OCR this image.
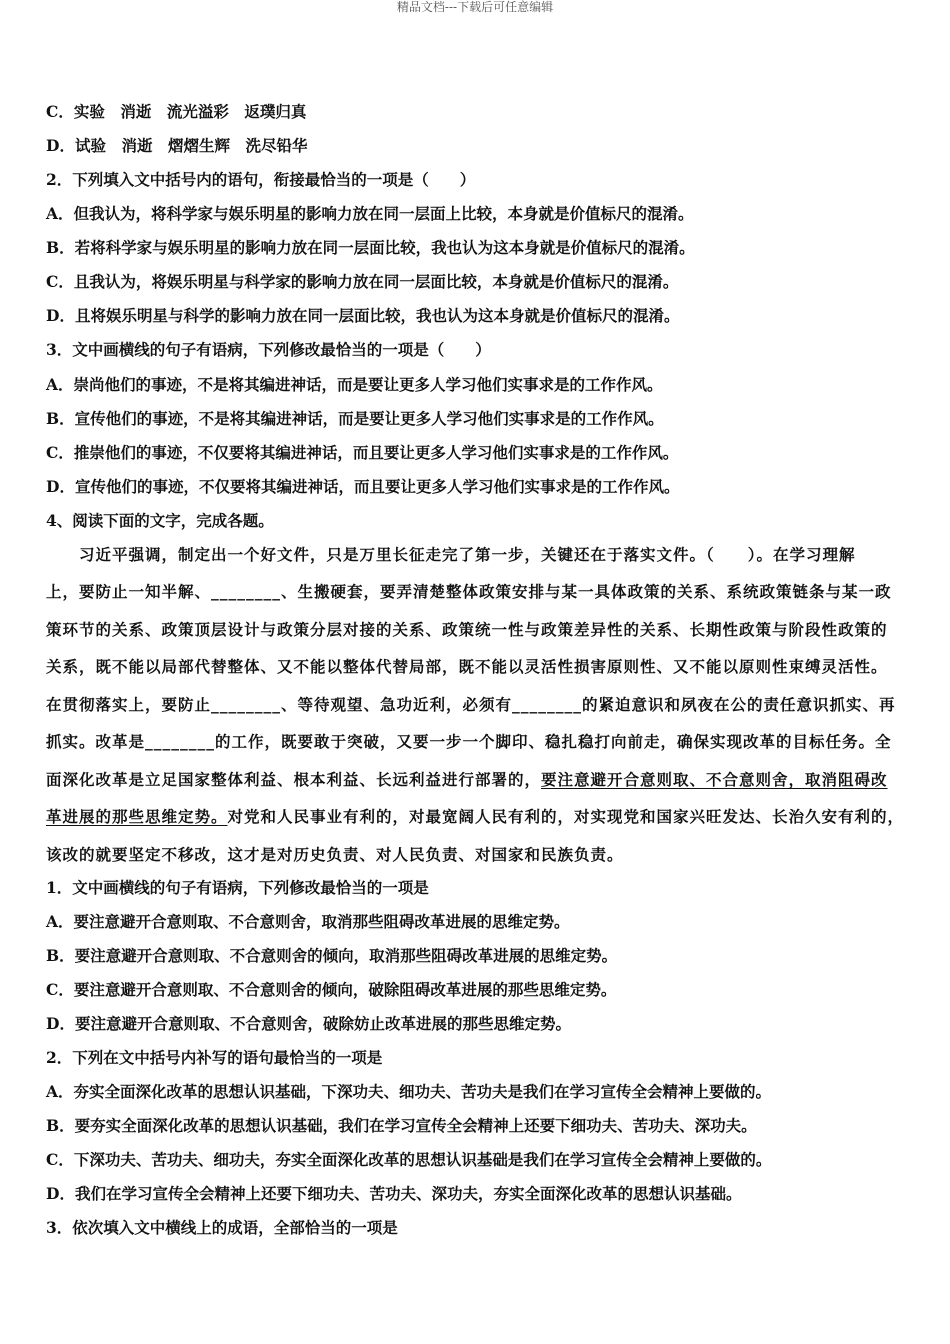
精品文档---下载后可任意编辑
C．实验　消逝　流光溢彩　返璞归真
D．试验　消逝　熠熠生辉　洗尽铅华
2．下列填入文中括号内的语句，衔接最恰当的一项是（　　）
A．但我认为，将科学家与娱乐明星的影响力放在同一层面上比较，本身就是价值标尺的混淆。
B．若将科学家与娱乐明星的影响力放在同一层面比较，我也认为这本身就是价值标尺的混淆。
C．且我认为，将娱乐明星与科学家的影响力放在同一层面比较，本身就是价值标尺的混淆。
D．且将娱乐明星与科学的影响力放在同一层面比较，我也认为这本身就是价值标尺的混淆。
3．文中画横线的句子有语病，下列修改最恰当的一项是（　　）
A．崇尚他们的事迹，不是将其编进神话，而是要让更多人学习他们实事求是的工作作风。
B．宣传他们的事迹，不是将其编进神话，而是要让更多人学习他们实事求是的工作作风。
C．推崇他们的事迹，不仅要将其编进神话，而且要让更多人学习他们实事求是的工作作风。
D．宣传他们的事迹，不仅要将其编进神话，而且要让更多人学习他们实事求是的工作作风。
4、阅读下面的文字，完成各题。
　　习近平强调，制定出一个好文件，只是万里长征走完了第一步，关键还在于落实文件。（　　）。在学习理解
上，要防止一知半解、________、生搬硬套，要弄清楚整体政策安排与某一具体政策的关系、系统政策链条与某一政
策环节的关系、政策顶层设计与政策分层对接的关系、政策统一性与政策差异性的关系、长期性政策与阶段性政策的
关系，既不能以局部代替整体、又不能以整体代替局部，既不能以灵活性损害原则性、又不能以原则性束缚灵活性。
在贯彻落实上，要防止________、等待观望、急功近利，必须有________的紧迫意识和夙夜在公的责任意识抓实、再
抓实。改革是________的工作，既要敢于突破，又要一步一个脚印、稳扎稳打向前走，确保实现改革的目标任务。全
面深化改革是立足国家整体利益、根本利益、长远利益进行部署的，要注意避开合意则取、不合意则舍，取消阻碍改
革进展的那些思维定势。对党和人民事业有利的，对最宽阔人民有利的，对实现党和国家兴旺发达、长治久安有利的，
该改的就要坚定不移改，这才是对历史负责、对人民负责、对国家和民族负责。
1．文中画横线的句子有语病，下列修改最恰当的一项是
A．要注意避开合意则取、不合意则舍，取消那些阻碍改革进展的思维定势。
B．要注意避开合意则取、不合意则舍的倾向，取消那些阻碍改革进展的思维定势。
C．要注意避开合意则取、不合意则舍的倾向，破除阻碍改革进展的那些思维定势。
D．要注意避开合意则取、不合意则舍，破除妨止改革进展的那些思维定势。
2．下列在文中括号内补写的语句最恰当的一项是
A．夯实全面深化改革的思想认识基础，下深功夫、细功夫、苦功夫是我们在学习宣传全会精神上要做的。
B．要夯实全面深化改革的思想认识基础，我们在学习宣传全会精神上还要下细功夫、苦功夫、深功夫。
C．下深功夫、苦功夫、细功夫，夯实全面深化改革的思想认识基础是我们在学习宣传全会精神上要做的。
D．我们在学习宣传全会精神上还要下细功夫、苦功夫、深功夫，夯实全面深化改革的思想认识基础。
3．依次填入文中横线上的成语，全部恰当的一项是
